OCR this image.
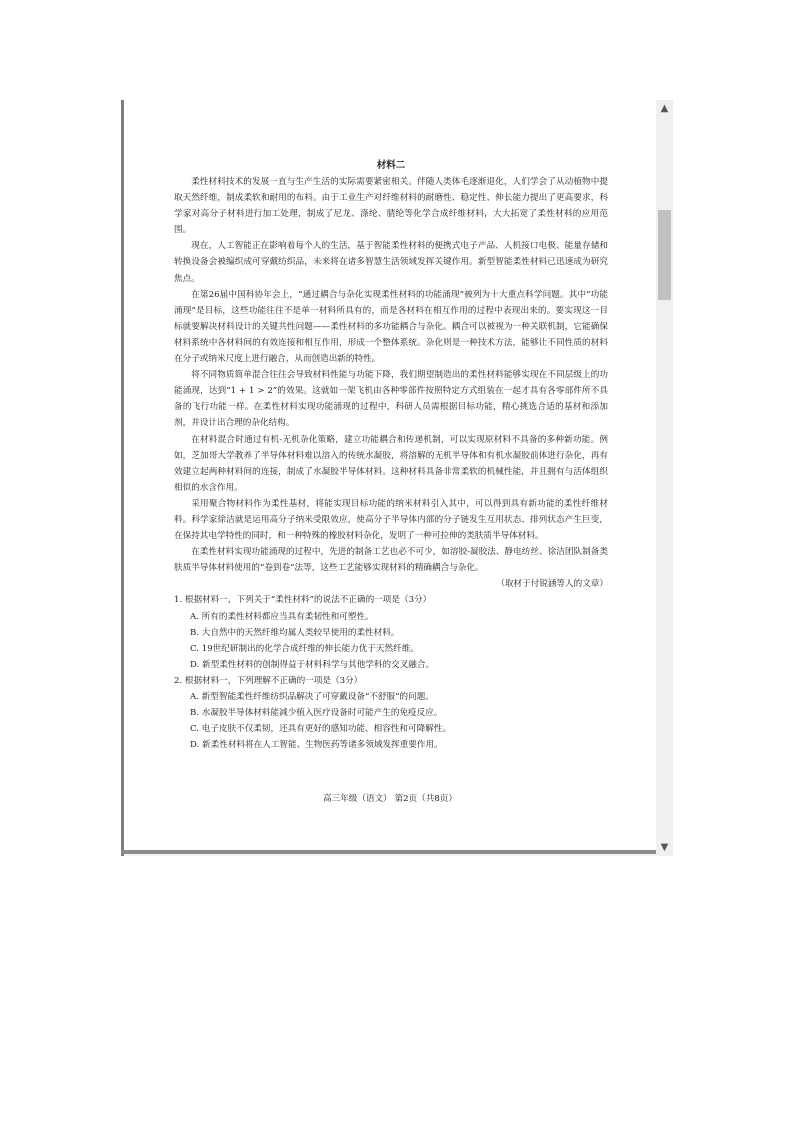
材料二

柔性材料技术的发展一直与生产生活的实际需要紧密相关。伴随人类体毛逐渐退化，人们学会了从动植物中提取天然纤维，制成柔软和耐用的布料。由于工业生产对纤维材料的耐磨性、稳定性、伸长能力提出了更高要求，科学家对高分子材料进行加工处理，制成了尼龙、涤纶、腈纶等化学合成纤维材料，大大拓宽了柔性材料的应用范围。

现在，人工智能正在影响着每个人的生活，基于智能柔性材料的便携式电子产品、人机接口电极、能量存储和转换设备会被编织成可穿戴纺织品，未来将在诸多智慧生活领域发挥关键作用。新型智能柔性材料已迅速成为研究焦点。

在第26届中国科协年会上，“通过耦合与杂化实现柔性材料的功能涌现”被列为十大重点科学问题。其中“功能涌现”是目标，这些功能往往不是单一材料所具有的，而是各材料在相互作用的过程中表现出来的。要实现这一目标就要解决材料设计的关键共性问题——柔性材料的多功能耦合与杂化。耦合可以被视为一种关联机制，它能确保材料系统中各材料间的有效连接和相互作用，形成一个整体系统。杂化则是一种技术方法，能够让不同性质的材料在分子或纳米尺度上进行融合，从而创造出新的特性。

将不同物质简单混合往往会导致材料性能与功能下降，我们期望制造出的柔性材料能够实现在不同层级上的功能涌现，达到“1 + 1 > 2”的效果。这就如一架飞机由各种零部件按照特定方式组装在一起才具有各零部件所不具备的飞行功能一样。在柔性材料实现功能涌现的过程中，科研人员需根据目标功能，精心挑选合适的基材和添加剂，并设计出合理的杂化结构。

在材料混合时通过有机-无机杂化策略，建立功能耦合和传递机制，可以实现原材料不具备的多种新功能。例如，芝加哥大学教养了半导体材料难以溶入的传统水凝胶，将溶解的无机半导体和有机水凝胶前体进行杂化，再有效建立起两种材料间的连接，制成了水凝胶半导体材料。这种材料具备非常柔软的机械性能，并且拥有与活体组织相似的水含作用。

采用聚合物材料作为柔性基材，将能实现目标功能的纳米材料引入其中，可以得到具有新功能的柔性纤维材料。科学家徐洁就是运用高分子纳米受限效应，使高分子半导体内部的分子链发生互用状态、排列状态产生巨变，在保持其电学特性的同时，和一种特殊的橡胶材料杂化，发明了一种可拉伸的类肤质半导体材料。

在柔性材料实现功能涌现的过程中，先进的制备工艺也必不可少，如溶胶-凝胶法、静电纺丝、徐洁团队制备类肤质半导体材料使用的“卷到卷”法等，这些工艺能够实现材料的精确耦合与杂化。

（取材于付锐涵等人的文章）

1. 根据材料一，下列关于“柔性材料”的说法不正确的一项是（3分）

A. 所有的柔性材料都应当具有柔韧性和可塑性。

B. 大自然中的天然纤维均属人类较早使用的柔性材料。

C. 19世纪研制出的化学合成纤维的伸长能力优于天然纤维。

D. 新型柔性材料的创制得益于材料科学与其他学科的交叉融合。

2. 根据材料一，下列理解不正确的一项是（3分）

A. 新型智能柔性纤维纺织品解决了可穿戴设备“不舒服”的问题。

B. 水凝胶半导体材料能减少植入医疗设备时可能产生的免疫反应。

C. 电子皮肤不仅柔韧，还具有更好的感知功能、相容性和可降解性。

D. 新柔性材料将在人工智能、生物医药等诸多领域发挥重要作用。

高三年级（语文） 第2页（共8页）
▲
▼
